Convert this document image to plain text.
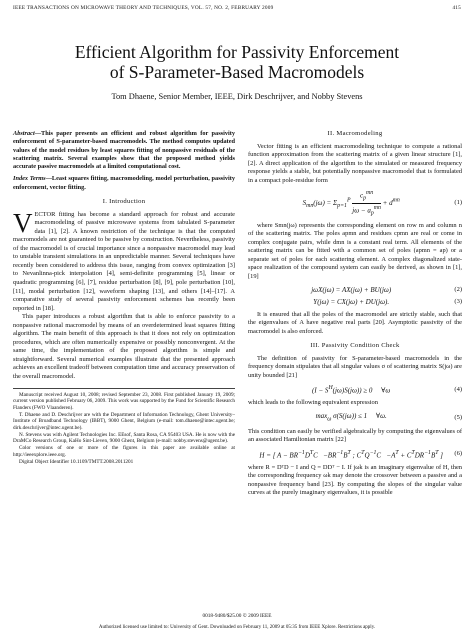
IEEE TRANSACTIONS ON MICROWAVE THEORY AND TECHNIQUES, VOL. 57, NO. 2, FEBRUARY 2009	415
Efficient Algorithm for Passivity Enforcement
of S-Parameter-Based Macromodels
Tom Dhaene, Senior Member, IEEE, Dirk Deschrijver, and Nobby Stevens
Abstract—This paper presents an efficient and robust algorithm for passivity enforcement of S-parameter-based macromodels. The method computes updated values of the model residues by least squares fitting of nonpassive residuals of the scattering matrix. Several examples show that the proposed method yields accurate passive macromodels at a limited computational cost.
Index Terms—Least squares fitting, macromodeling, model perturbation, passivity enforcement, vector fitting.
I. Introduction

VECTOR fitting has become a standard approach for robust and accurate macromodeling of passive microwave systems from tabulated S-parameter data [1], [2]. A known restriction of the technique is that the computed macromodels are not guaranteed to be passive by construction. Nevertheless, passivity of the macromodel is of crucial importance since a nonpassive macromodel may lead to unstable transient simulations in an unpredictable manner. Several techniques have recently been considered to address this issue, ranging from convex optimization [3] to Nevanlinna-pick interpolation [4], semi-definite programming [5], linear or quadratic programming [6], [7], residue perturbation [8], [9], pole perturbation [10], [11], modal perturbation [12], waveform shaping [13], and others [14]–[17]. A comparative study of several passivity enforcement schemes has recently been reported in [18].

This paper introduces a robust algorithm that is able to enforce passivity to a nonpassive rational macromodel by means of an overdetermined least squares fitting algorithm. The main benefit of this approach is that it does not rely on optimization procedures, which are often numerically expensive or possibly nonconvergent. At the same time, the implementation of the proposed algorithm is simple and straightforward. Several numerical examples illustrate that the presented approach achieves an excellent tradeoff between computation time and accuracy preservation of the overall macromodel.

Manuscript received August 10, 2008; revised September 23, 2008. First published January 19, 2009; current version published February 06, 2009. This work was supported by the Fund for Scientific Research Flanders (FWO Vlaanderen).

T. Dhaene and D. Deschrijver are with the Department of Information Technology, Ghent University–Institute of Broadband Technology (IBBT), 9000 Ghent, Belgium (e-mail: tom.dhaene@intec.ugent.be; dirk.deschrijver@intec.ugent.be).

N. Stevens was with Agilent Technologies Inc. EEsof, Santa Rosa, CA 95403 USA. He is now with the DraMCo Research Group, KaHo Sint-Lieven, 9000 Ghent, Belgium (e-mail: nobby.stevens@ugent.be).

Color versions of one or more of the figures in this paper are available online at http://ieeexplore.ieee.org.

Digital Object Identifier 10.1109/TMTT.2008.2011201

II. Macromodeling

Vector fitting is an efficient macromodeling technique to compute a rational function approximation from the scattering matrix of a given linear structure [1], [2]. A direct application of the algorithm to the simulated or measured frequency response yields a stable, but potentially nonpassive macromodel that is formulated in a compact pole-residue form

$S_{mn}(j\omega) = \Sigma_{p=1}^P \frac{c_p^{mn}}{j\omega - a_p^{mn}} + d^{mn}$	(1)

where Smn(jω) represents the corresponding element on row m and column n of the scattering matrix. The poles apmn and residues cpmn are real or come in complex conjugate pairs, while dmn is a constant real term. All elements of the scattering matrix can be fitted with a common set of poles (apmn = ap) or a separate set of poles for each scattering element. A complex diagonalized state-space realization of the compound system can easily be derived, as shown in [1], [19]

jωX(jω) = AX(jω) + BU(jω)	(2)
Y(jω) = CX(jω) + DU(jω).	(3)

It is ensured that all the poles of the macromodel are strictly stable, such that the eigenvalues of A have negative real parts [20]. Asymptotic passivity of the macromodel is also enforced.

III. Passivity Condition Check

The definition of passivity for S-parameter-based macromodels in the frequency domain stipulates that all singular values σ of scattering matrix S(jω) are unity bounded [21]

$(I - S^H(j\omega)S(j\omega)) \ge 0$     ∀ω	(4)

which leads to the following equivalent expression

$\max_\omega \sigma(S(j\omega)) \le 1$     ∀ω.	(5)

This condition can easily be verified algebraically by computing the eigenvalues of an associated Hamiltonian matrix [22]

H = [ $A - BR^{-1}D^TC -BR^{-1}B^T$ ; $C^TQ^{-1}C -A^T + C^TDR^{-1}B^T$ ]	(6)

where R = DᵀD − I and Q = DDᵀ − I. If jωk is an imaginary eigenvalue of H, then the corresponding frequency ωk may denote the crossover between a passive and a nonpassive frequency band [23]. By computing the slopes of the singular value curves at the purely imaginary eigenvalues, it is possible

0018-9480/$25.00 © 2009 IEEE
Authorized licensed use limited to: University of Gent. Downloaded on February 11, 2009 at 05:35 from IEEE Xplore. Restrictions apply.
